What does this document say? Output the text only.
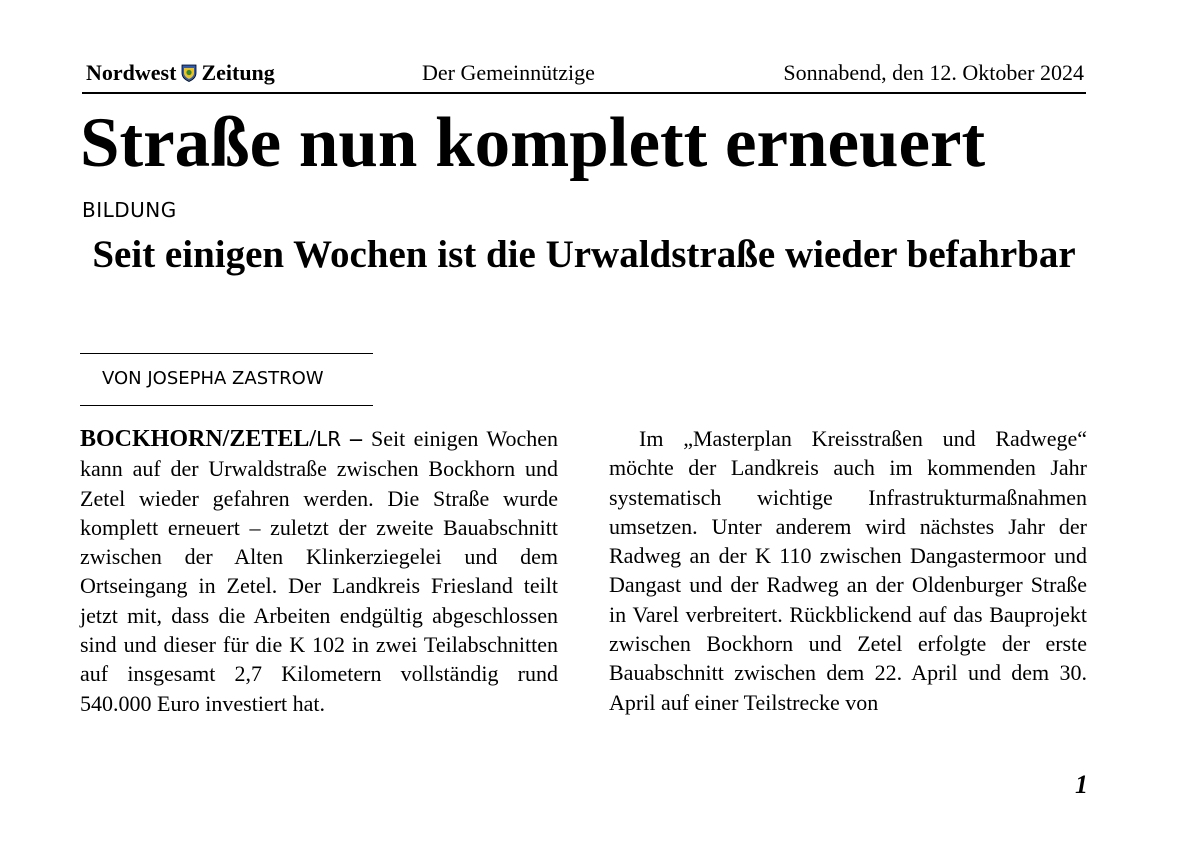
Nordwest Zeitung	Der Gemeinnützige	Sonnabend, den 12. Oktober 2024
Straße nun komplett erneuert
BILDUNG
Seit einigen Wochen ist die Urwaldstraße wieder befahrbar
VON JOSEPHA ZASTROW

BOCKHORN/ZETEL/LR – Seit einigen Wochen kann auf der Urwaldstraße zwischen Bockhorn und Zetel wieder gefahren werden. Die Straße wurde komplett erneuert – zuletzt der zweite Bauabschnitt zwischen der Alten Klinkerziegelei und dem Ortseingang in Zetel. Der Landkreis Friesland teilt jetzt mit, dass die Arbeiten endgültig abgeschlossen sind und dieser für die K 102 in zwei Teilabschnitten auf insgesamt 2,7 Kilometern vollständig rund 540.000 Euro investiert hat.

Im „Masterplan Kreisstraßen und Radwege“ möchte der Landkreis auch im kommenden Jahr systematisch wichtige Infrastrukturmaßnahmen umsetzen. Unter anderem wird nächstes Jahr der Radweg an der K 110 zwischen Dangastermoor und Dangast und der Radweg an der Oldenburger Straße in Varel verbreitert. Rückblickend auf das Bauprojekt zwischen Bockhorn und Zetel erfolgte der erste Bauabschnitt zwischen dem 22. April und dem 30. April auf einer Teilstrecke von

1
